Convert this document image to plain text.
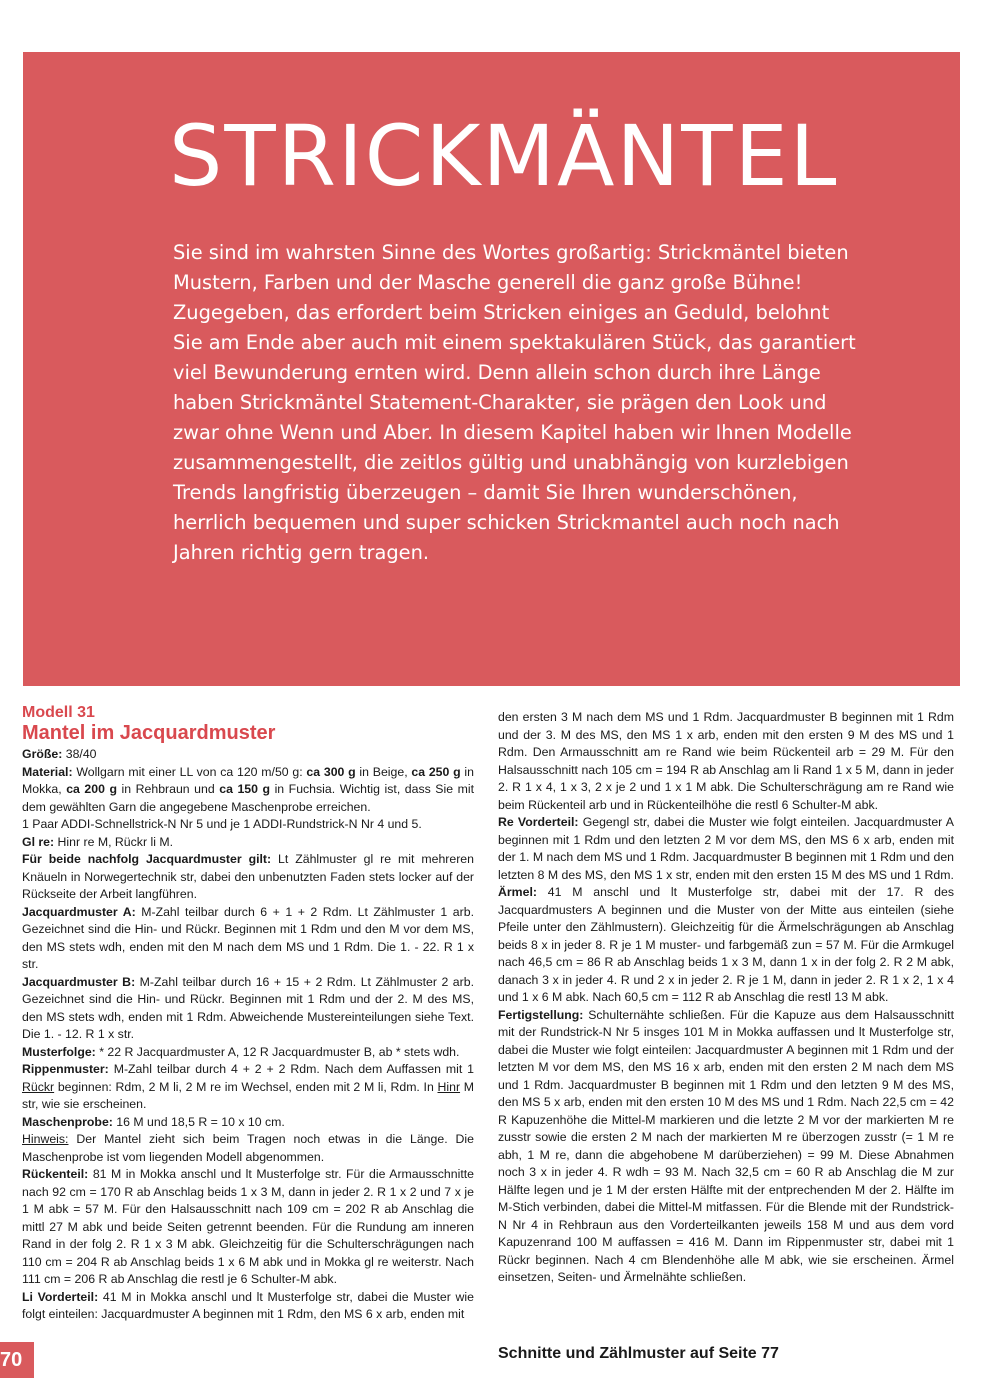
STRICKMÄNTEL

Sie sind im wahrsten Sinne des Wortes großartig: Strickmäntel bieten Mustern, Farben und der Masche generell die ganz große Bühne! Zugegeben, das erfordert beim Stricken einiges an Geduld, belohnt Sie am Ende aber auch mit einem spektakulären Stück, das garantiert viel Bewunderung ernten wird. Denn allein schon durch ihre Länge haben Strickmäntel Statement-Charakter, sie prägen den Look und zwar ohne Wenn und Aber. In diesem Kapitel haben wir Ihnen Modelle zusammengestellt, die zeitlos gültig und unabhängig von kurzlebigen Trends langfristig überzeugen – damit Sie Ihren wunderschönen, herrlich bequemen und super schicken Strickmantel auch noch nach Jahren richtig gern tragen.

Modell 31
Mantel im Jacquardmuster

Größe: 38/40

Material: Wollgarn mit einer LL von ca 120 m/50 g: ca 300 g in Beige, ca 250 g in Mokka, ca 200 g in Rehbraun und ca 150 g in Fuchsia. Wichtig ist, dass Sie mit dem gewählten Garn die angegebene Maschenprobe erreichen.

1 Paar ADDI-Schnellstrick-N Nr 5 und je 1 ADDI-Rundstrick-N Nr 4 und 5.

Gl re: Hinr re M, Rückr li M.

Für beide nachfolg Jacquardmuster gilt: Lt Zählmuster gl re mit mehreren Knäueln in Norwegertechnik str, dabei den unbenutzten Faden stets locker auf der Rückseite der Arbeit langführen.

Jacquardmuster A: M-Zahl teilbar durch 6 + 1 + 2 Rdm. Lt Zählmuster 1 arb. Gezeichnet sind die Hin- und Rückr. Beginnen mit 1 Rdm und den M vor dem MS, den MS stets wdh, enden mit den M nach dem MS und 1 Rdm. Die 1. - 22. R 1 x str.

Jacquardmuster B: M-Zahl teilbar durch 16 + 15 + 2 Rdm. Lt Zählmuster 2 arb. Gezeichnet sind die Hin- und Rückr. Beginnen mit 1 Rdm und der 2. M des MS, den MS stets wdh, enden mit 1 Rdm. Abweichende Mustereinteilungen siehe Text. Die 1. - 12. R 1 x str.

Musterfolge: * 22 R Jacquardmuster A, 12 R Jacquardmuster B, ab * stets wdh.

Rippenmuster: M-Zahl teilbar durch 4 + 2 + 2 Rdm. Nach dem Auffassen mit 1 Rückr beginnen: Rdm, 2 M li, 2 M re im Wechsel, enden mit 2 M li, Rdm. In Hinr M str, wie sie erscheinen.

Maschenprobe: 16 M und 18,5 R = 10 x 10 cm.

Hinweis: Der Mantel zieht sich beim Tragen noch etwas in die Länge. Die Maschenprobe ist vom liegenden Modell abgenommen.

Rückenteil: 81 M in Mokka anschl und lt Musterfolge str. Für die Armausschnitte nach 92 cm = 170 R ab Anschlag beids 1 x 3 M, dann in jeder 2. R 1 x 2 und 7 x je 1 M abk = 57 M. Für den Halsausschnitt nach 109 cm = 202 R ab Anschlag die mittl 27 M abk und beide Seiten getrennt beenden. Für die Rundung am inneren Rand in der folg 2. R 1 x 3 M abk. Gleichzeitig für die Schulterschrägungen nach 110 cm = 204 R ab Anschlag beids 1 x 6 M abk und in Mokka gl re weiterstr. Nach 111 cm = 206 R ab Anschlag die restl je 6 Schulter-M abk.

Li Vorderteil: 41 M in Mokka anschl und lt Musterfolge str, dabei die Muster wie folgt einteilen: Jacquardmuster A beginnen mit 1 Rdm, den MS 6 x arb, enden mit

den ersten 3 M nach dem MS und 1 Rdm. Jacquardmuster B beginnen mit 1 Rdm und der 3. M des MS, den MS 1 x arb, enden mit den ersten 9 M des MS und 1 Rdm. Den Armausschnitt am re Rand wie beim Rückenteil arb = 29 M. Für den Halsausschnitt nach 105 cm = 194 R ab Anschlag am li Rand 1 x 5 M, dann in jeder 2. R 1 x 4, 1 x 3, 2 x je 2 und 1 x 1 M abk. Die Schulterschrägung am re Rand wie beim Rückenteil arb und in Rückenteilhöhe die restl 6 Schulter-M abk.

Re Vorderteil: Gegengl str, dabei die Muster wie folgt einteilen. Jacquardmuster A beginnen mit 1 Rdm und den letzten 2 M vor dem MS, den MS 6 x arb, enden mit der 1. M nach dem MS und 1 Rdm. Jacquardmuster B beginnen mit 1 Rdm und den letzten 8 M des MS, den MS 1 x str, enden mit den ersten 15 M des MS und 1 Rdm.

Ärmel: 41 M anschl und lt Musterfolge str, dabei mit der 17. R des Jacquardmusters A beginnen und die Muster von der Mitte aus einteilen (siehe Pfeile unter den Zählmustern). Gleichzeitig für die Ärmelschrägungen ab Anschlag beids 8 x in jeder 8. R je 1 M muster- und farbgemäß zun = 57 M. Für die Armkugel nach 46,5 cm = 86 R ab Anschlag beids 1 x 3 M, dann 1 x in der folg 2. R 2 M abk, danach 3 x in jeder 4. R und 2 x in jeder 2. R je 1 M, dann in jeder 2. R 1 x 2, 1 x 4 und 1 x 6 M abk. Nach 60,5 cm = 112 R ab Anschlag die restl 13 M abk.

Fertigstellung: Schulternähte schließen. Für die Kapuze aus dem Halsausschnitt mit der Rundstrick-N Nr 5 insges 101 M in Mokka auffassen und lt Musterfolge str, dabei die Muster wie folgt einteilen: Jacquardmuster A beginnen mit 1 Rdm und der letzten M vor dem MS, den MS 16 x arb, enden mit den ersten 2 M nach dem MS und 1 Rdm. Jacquardmuster B beginnen mit 1 Rdm und den letzten 9 M des MS, den MS 5 x arb, enden mit den ersten 10 M des MS und 1 Rdm. Nach 22,5 cm = 42 R Kapuzenhöhe die Mittel-M markieren und die letzte 2 M vor der markierten M re zusstr sowie die ersten 2 M nach der markierten M re überzogen zusstr (= 1 M re abh, 1 M re, dann die abgehobene M darüberziehen) = 99 M. Diese Abnahmen noch 3 x in jeder 4. R wdh = 93 M. Nach 32,5 cm = 60 R ab Anschlag die M zur Hälfte legen und je 1 M der ersten Hälfte mit der entprechenden M der 2. Hälfte im M-Stich verbinden, dabei die Mittel-M mitfassen. Für die Blende mit der Rundstrick-N Nr 4 in Rehbraun aus den Vorderteilkanten jeweils 158 M und aus dem vord Kapuzenrand 100 M auffassen = 416 M. Dann im Rippenmuster str, dabei mit 1 Rückr beginnen. Nach 4 cm Blendenhöhe alle M abk, wie sie erscheinen. Ärmel einsetzen, Seiten- und Ärmelnähte schließen.

Schnitte und Zählmuster auf Seite 77
70
